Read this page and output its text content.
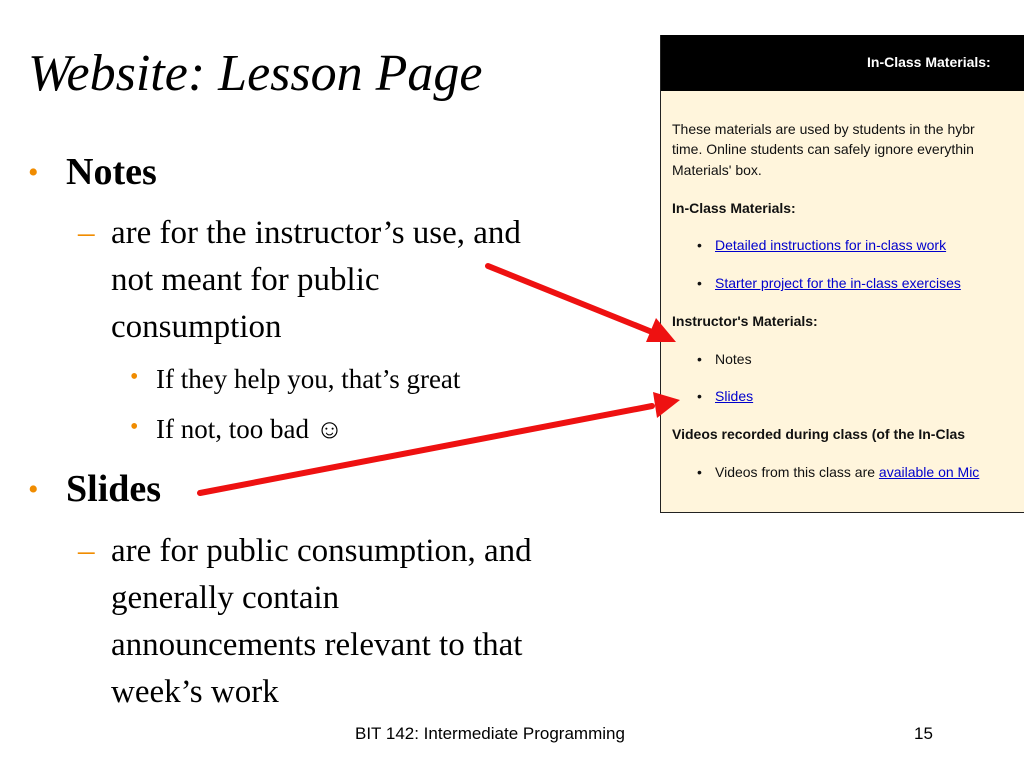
Website: Lesson Page
• Notes
– are for the instructor’s use, and
not meant for public
consumption
• If they help you, that’s great
• If not, too bad ☺
• Slides
– are for public consumption, and
generally contain
announcements relevant to that
week’s work
In-Class Materials:
These materials are used by students in the hybr
time. Online students can safely ignore everythin
Materials' box.
In-Class Materials:
• Detailed instructions for in-class work
• Starter project for the in-class exercises
Instructor's Materials:
• Notes
• Slides
Videos recorded during class (of the In-Clas
• Videos from this class are available on Mic
BIT 142: Intermediate Programming	15
